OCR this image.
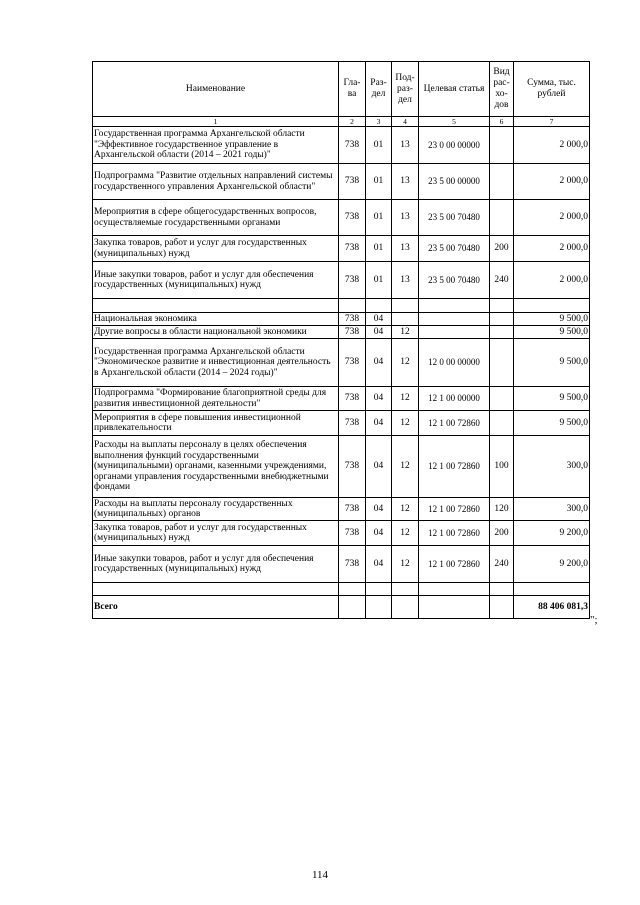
Наименование	Гла-ва	Раз-дел	Под-раз-дел	Целевая статья	Вид рас-хо-дов	Сумма, тыс. рублей
1	2	3	4	5	6	7
Государственная программа Архангельской области "Эффективное государственное управление в Архангельской области (2014 – 2021 годы)"	738	01	13	23 0 00 00000		2 000,0
Подпрограмма "Развитие отдельных направлений системы государственного управления Архангельской области"	738	01	13	23 5 00 00000		2 000,0
Мероприятия в сфере общегосударственных вопросов, осуществляемые государственными органами	738	01	13	23 5 00 70480		2 000,0
Закупка товаров, работ и услуг для государственных (муниципальных) нужд	738	01	13	23 5 00 70480	200	2 000,0
Иные закупки товаров, работ и услуг для обеспечения государственных (муниципальных) нужд	738	01	13	23 5 00 70480	240	2 000,0

Национальная экономика	738	04				9 500,0
Другие вопросы в области национальной экономики	738	04	12			9 500,0
Государственная программа Архангельской области "Экономическое развитие и инвестиционная деятельность в Архангельской области (2014 – 2024 годы)"	738	04	12	12 0 00 00000		9 500,0
Подпрограмма "Формирование благоприятной среды для развития инвестиционной деятельности"	738	04	12	12 1 00 00000		9 500,0
Мероприятия в сфере повышения инвестиционной привлекательности	738	04	12	12 1 00 72860		9 500,0
Расходы на выплаты персоналу в целях обеспечения выполнения функций государственными (муниципальными) органами, казенными учреждениями, органами управления государственными внебюджетными фондами	738	04	12	12 1 00 72860	100	300,0
Расходы на выплаты персоналу государственных (муниципальных) органов	738	04	12	12 1 00 72860	120	300,0
Закупка товаров, работ и услуг для государственных (муниципальных) нужд	738	04	12	12 1 00 72860	200	9 200,0
Иные закупки товаров, работ и услуг для обеспечения государственных (муниципальных) нужд	738	04	12	12 1 00 72860	240	9 200,0

Всего						88 406 081,3
";
114
